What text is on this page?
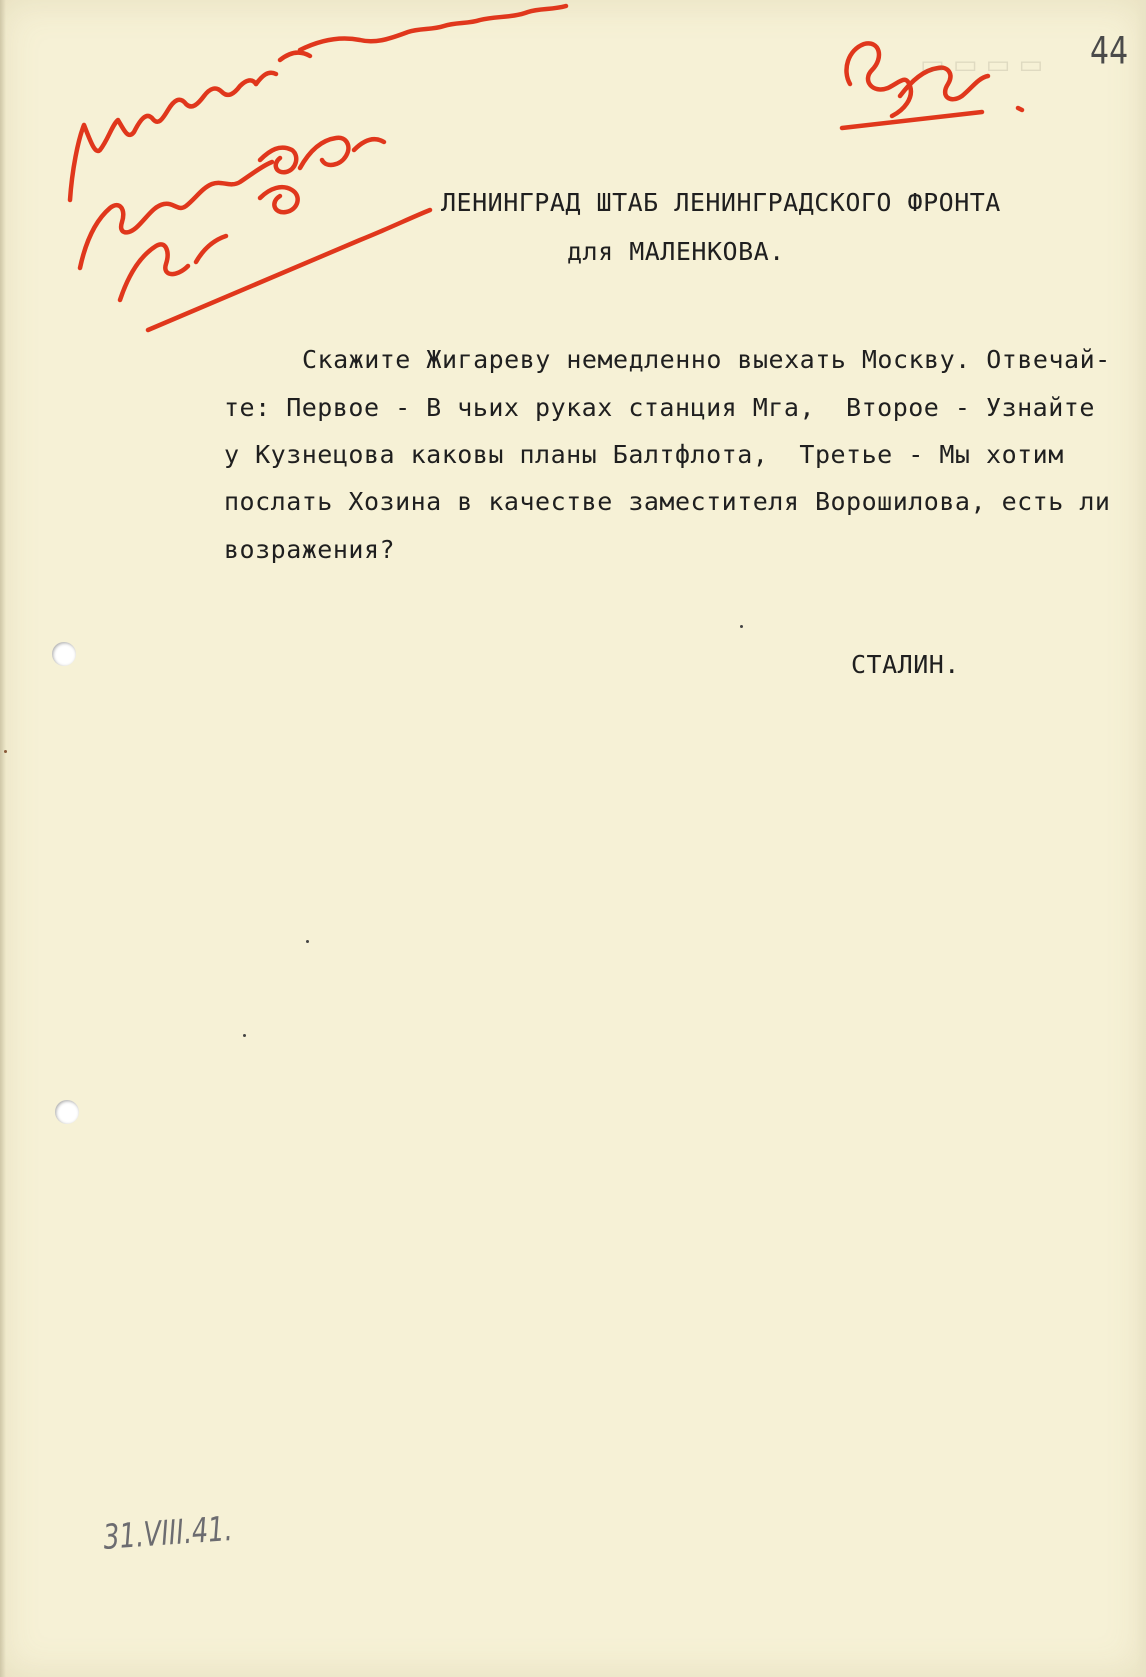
44
▭ ▭ ▭ ▭
ЛЕНИНГРАД ШТАБ ЛЕНИНГРАДСКОГО ФРОНТА
для МАЛЕНКОВА.
Скажите Жигареву немедленно выехать Москву. Отвечай-
те: Первое - В чьих руках станция Мга,  Второе - Узнайте
у Кузнецова каковы планы Балтфлота,  Третье - Мы хотим
послать Хозина в качестве заместителя Ворошилова, есть ли
возражения?
СТАЛИН.
31.VIII.41.
